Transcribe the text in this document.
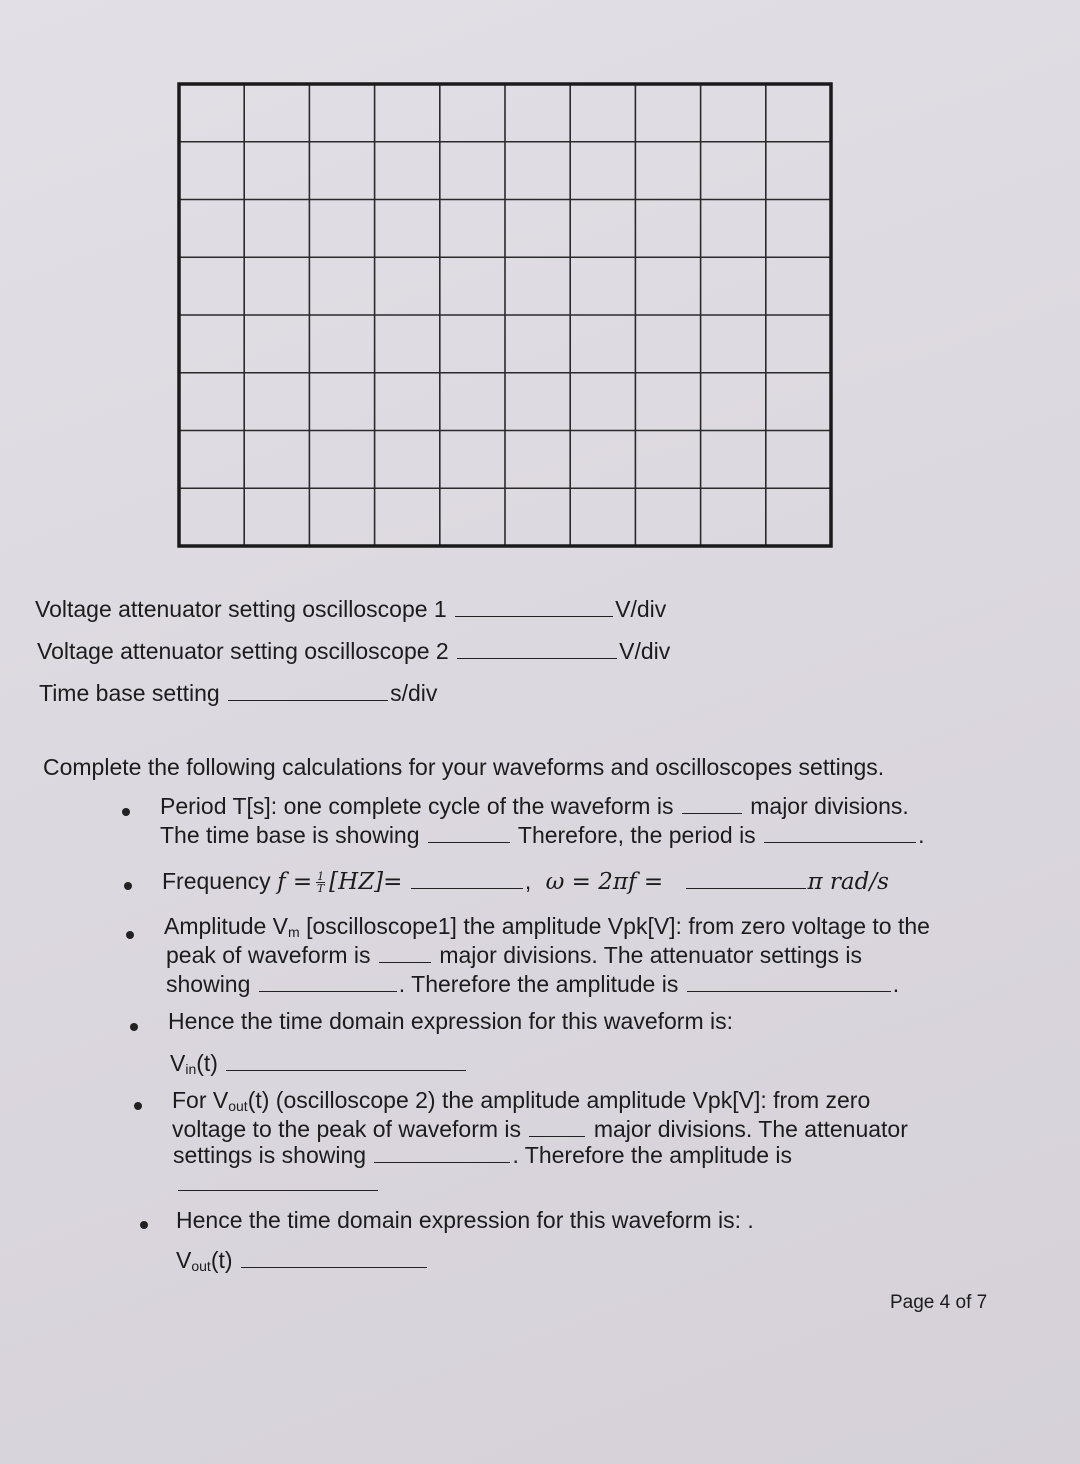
Voltage attenuator setting oscilloscope 1	V/div
Voltage attenuator setting oscilloscope 2	V/div
Time base setting	s/div
Complete the following calculations for your waveforms and oscilloscopes settings.
Period T[s]: one complete cycle of the waveform is	major divisions.
The time base is showing	Therefore, the period is	.
Frequency $f = \frac{1}{T} [HZ]=$	, ω = 2πf =	π rad/s
Amplitude $V_m$ [oscilloscope1] the amplitude Vpk[V]: from zero voltage to the
peak of waveform is	major divisions. The attenuator settings is
showing	. Therefore the amplitude is	.
Hence the time domain expression for this waveform is:
$V_{in}(t)$
For $V_{out}(t)$ (oscilloscope 2) the amplitude amplitude Vpk[V]: from zero
voltage to the peak of waveform is	major divisions. The attenuator
settings is showing	. Therefore the amplitude is
Hence the time domain expression for this waveform is: .
$V_{out}(t)$
Page 4 of 7
